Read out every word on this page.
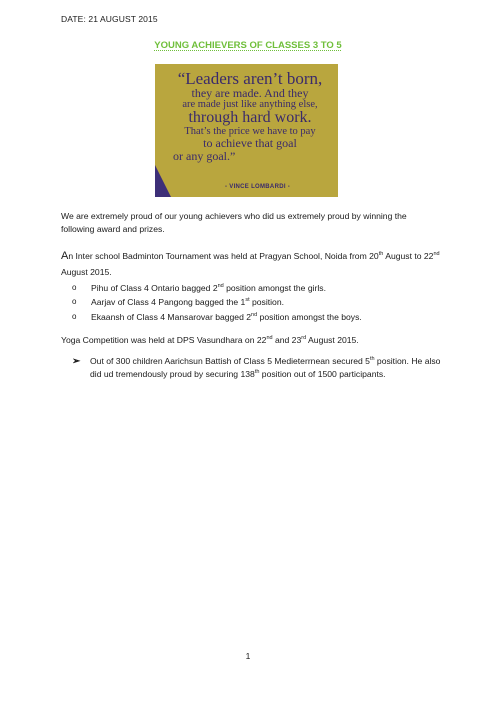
DATE: 21 AUGUST 2015
YOUNG ACHIEVERS OF CLASSES 3 TO 5
“Leaders aren’t born,
they are made. And they
are made just like anything else,
through hard work.
That’s the price we have to pay
to achieve that goal
or any goal.”
- VINCE LOMBARDI -
We are extremely proud of our young achievers who did us extremely proud by winning the following award and prizes.
An Inter school Badminton Tournament was held at Pragyan School, Noida from 20th August to 22nd August 2015.
o Pihu of Class 4 Ontario bagged 2nd position amongst the girls.
o Aarjav of Class 4 Pangong bagged the 1st position.
o Ekaansh of Class 4 Mansarovar bagged 2nd position amongst the boys.
Yoga Competition was held at DPS Vasundhara on 22nd and 23rd August 2015.
➢ Out of 300 children Aarichsun Battish of Class 5 Medieterrnean secured 5th position. He also did ud tremendously proud by securing 138th position out of 1500 participants.
1
